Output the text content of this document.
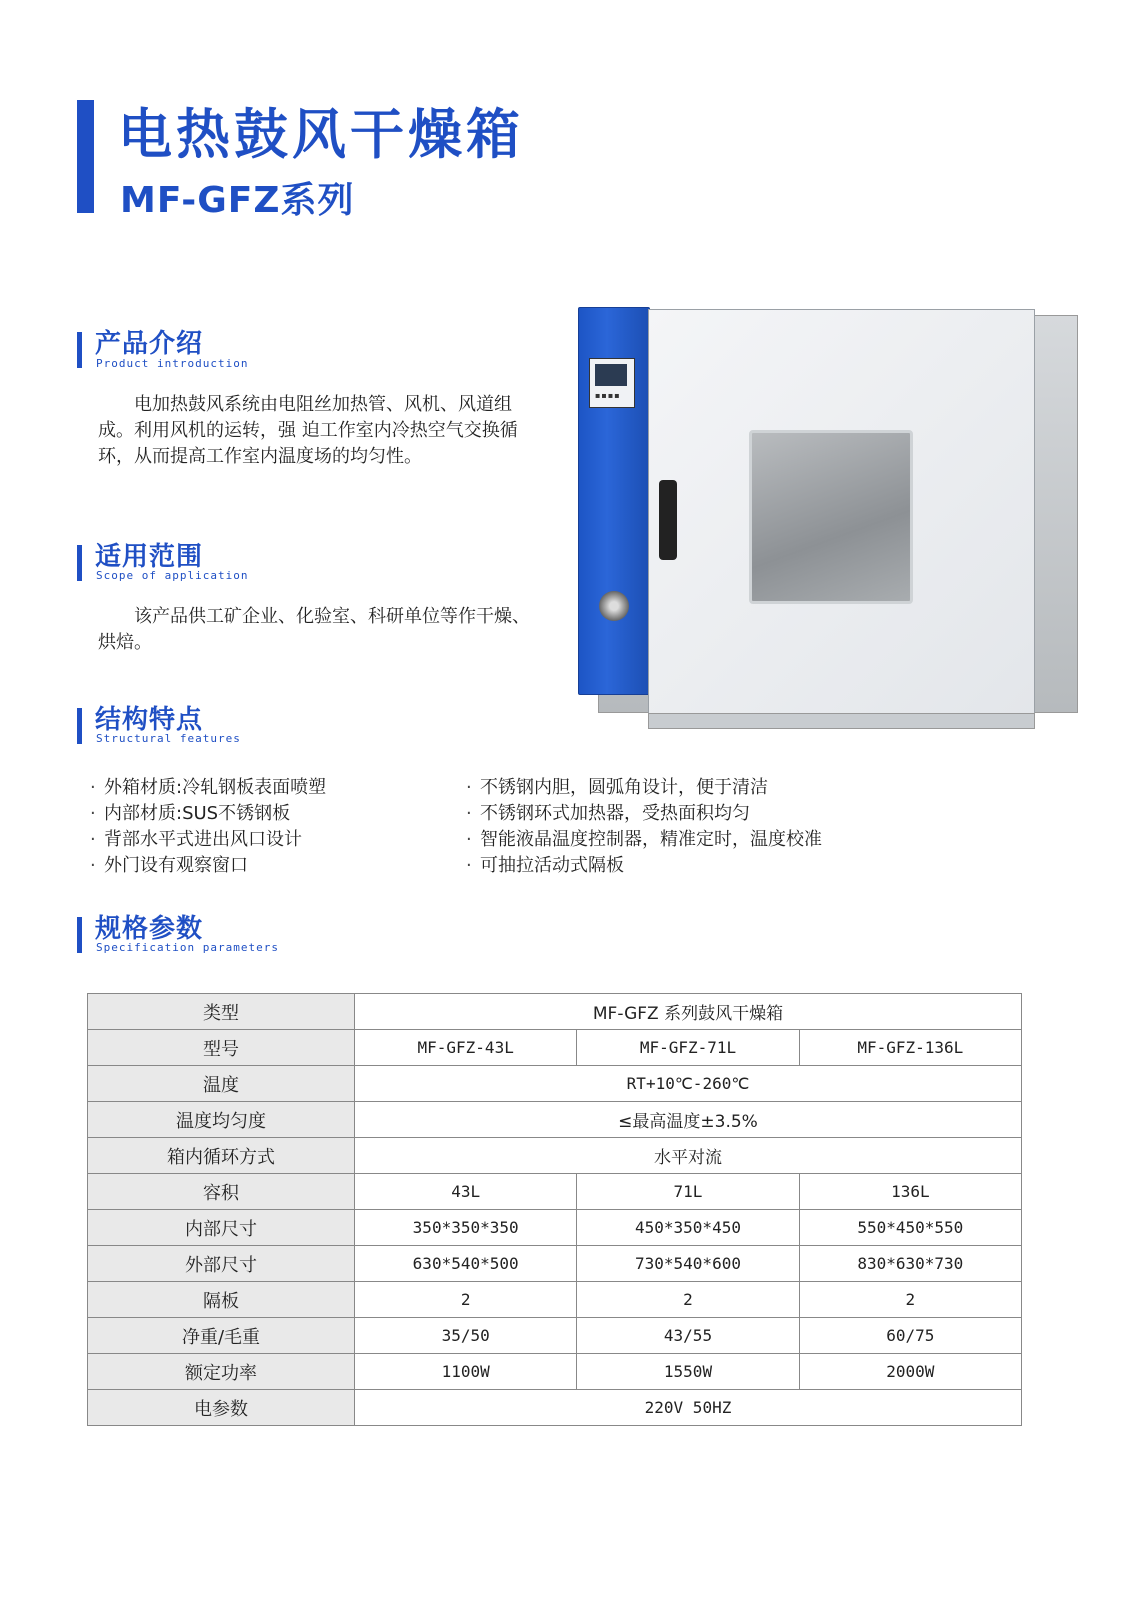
电热鼓风干燥箱
MF-GFZ系列
产品介绍
Product introduction
电加热鼓风系统由电阻丝加热管、风机、风道组成。利用风机的运转，强 迫工作室内冷热空气交换循环，从而提高工作室内温度场的均匀性。
适用范围
Scope of application
该产品供工矿企业、化验室、科研单位等作干燥、烘焙。
结构特点
Structural features
· 外箱材质:冷轧钢板表面喷塑
· 内部材质:SUS不锈钢板
· 背部水平式进出风口设计
· 外门设有观察窗口
· 不锈钢内胆，圆弧角设计，便于清洁
· 不锈钢环式加热器，受热面积均匀
· 智能液晶温度控制器，精准定时，温度校准
· 可抽拉活动式隔板
规格参数
Specification parameters
▪▪▪▪
类型	MF-GFZ 系列鼓风干燥箱		
型号	MF-GFZ-43L	MF-GFZ-71L	MF-GFZ-136L
温度	RT+10℃-260℃		
温度均匀度	≤最高温度±3.5%		
箱内循环方式	水平对流		
容积	43L	71L	136L
内部尺寸	350*350*350	450*350*450	550*450*550
外部尺寸	630*540*500	730*540*600	830*630*730
隔板	2	2	2
净重/毛重	35/50	43/55	60/75
额定功率	1100W	1550W	2000W
电参数	220V 50HZ		
